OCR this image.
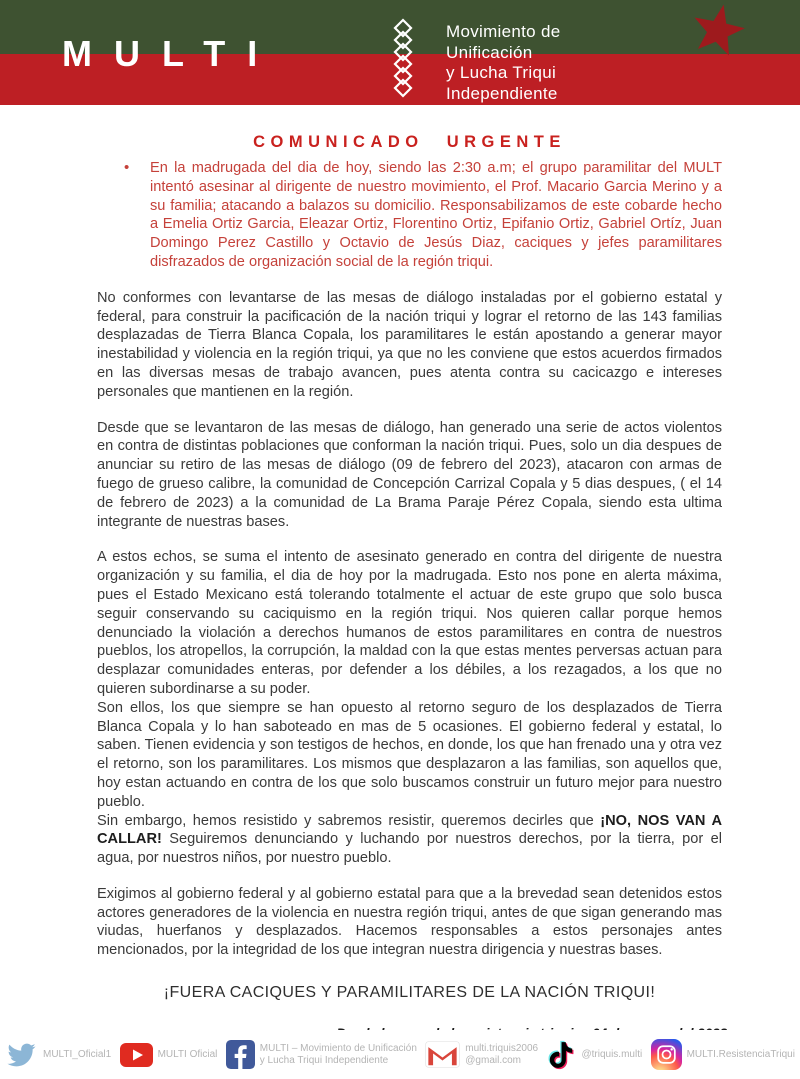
MULTI
Movimiento de
Unificación
y Lucha Triqui
Independiente
COMUNICADO URGENTE
•	En la madrugada del dia de hoy, siendo las 2:30 a.m; el grupo paramilitar del MULT intentó asesinar al dirigente de nuestro movimiento, el Prof. Macario Garcia Merino y a su familia; atacando a balazos su domicilio. Responsabilizamos de este cobarde hecho a Emelia Ortiz Garcia, Eleazar Ortiz, Florentino Ortiz, Epifanio Ortiz, Gabriel Ortíz, Juan Domingo Perez Castillo y Octavio de Jesús Diaz, caciques y jefes paramilitares disfrazados de organización social de la región triqui.

No conformes con levantarse de las mesas de diálogo instaladas por el gobierno estatal y federal, para construir la pacificación de la nación triqui y lograr el retorno de las 143 familias desplazadas de Tierra Blanca Copala, los paramilitares le están apostando a generar mayor inestabilidad y violencia en la región triqui, ya que no les conviene que estos acuerdos firmados en las diversas mesas de trabajo avancen, pues atenta contra su cacicazgo e intereses personales que mantienen en la región.

Desde que se levantaron de las mesas de diálogo, han generado una serie de actos violentos en contra de distintas poblaciones que conforman la nación triqui. Pues, solo un dia despues de anunciar su retiro de las mesas de diálogo (09 de febrero del 2023), atacaron con armas de fuego de grueso calibre, la comunidad de Concepción Carrizal Copala y 5 dias despues, ( el 14 de febrero de 2023) a la comunidad de La Brama Paraje Pérez Copala, siendo esta ultima integrante de nuestras bases.

A estos echos, se suma el intento de asesinato generado en contra del dirigente de nuestra organización y su familia, el dia de hoy por la madrugada. Esto nos pone en alerta máxima, pues el Estado Mexicano está tolerando totalmente el actuar de este grupo que solo busca seguir conservando su caciquismo en la región triqui. Nos quieren callar porque hemos denunciado la violación a derechos humanos de estos paramilitares en contra de nuestros pueblos, los atropellos, la corrupción, la maldad con la que estas mentes perversas actuan para desplazar comunidades enteras, por defender a los débiles, a los rezagados, a los que no quieren subordinarse a su poder.

Son ellos, los que siempre se han opuesto al retorno seguro de los desplazados de Tierra Blanca Copala y lo han saboteado en mas de 5 ocasiones. El gobierno federal y estatal, lo saben. Tienen evidencia y son testigos de hechos, en donde, los que han frenado una y otra vez el retorno, son los paramilitares. Los mismos que desplazaron a las familias, son aquellos que, hoy estan actuando en contra de los que solo buscamos construir un futuro mejor para nuestro pueblo.

Sin embargo, hemos resistido y sabremos resistir, queremos decirles que ¡NO, NOS VAN A CALLAR! Seguiremos denunciando y luchando por nuestros derechos, por la tierra, por el agua, por nuestros niños, por nuestro pueblo.

Exigimos al gobierno federal y al gobierno estatal para que a la brevedad sean detenidos estos actores generadores de la violencia en nuestra región triqui, antes de que sigan generando mas viudas, huerfanos y desplazados. Hacemos responsables a estos personajes antes mencionados, por la integridad de los que integran nuestra dirigencia y nuestras bases.

¡FUERA CACIQUES Y PARAMILITARES DE LA NACIÓN TRIQUI!

MULTI_Oficial1	MULTI Oficial
MULTI – Movimiento de Unificación
y Lucha Triqui Independiente
multi.triquis2006
@gmail.com
@triquis.multi	MULTI.ResistenciaTriqui
